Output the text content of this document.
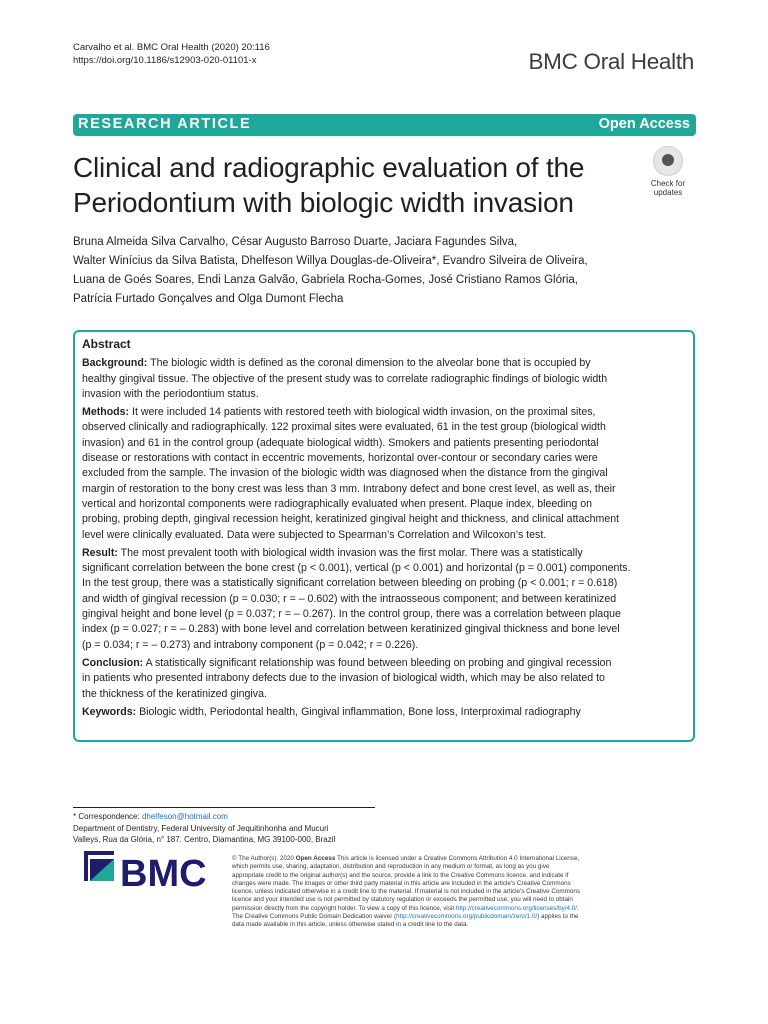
Carvalho et al. BMC Oral Health (2020) 20:116
https://doi.org/10.1186/s12903-020-01101-x	BMC Oral Health
RESEARCH ARTICLE	Open Access
Clinical and radiographic evaluation of the
Periodontium with biologic width invasion
Check for
updates
Bruna Almeida Silva Carvalho, César Augusto Barroso Duarte, Jaciara Fagundes Silva,
Walter Winícius da Silva Batista, Dhelfeson Willya Douglas-de-Oliveira*, Evandro Silveira de Oliveira,
Luana de Goés Soares, Endi Lanza Galvão, Gabriela Rocha-Gomes, José Cristiano Ramos Glória,
Patrícia Furtado Gonçalves and Olga Dumont Flecha
Abstract
Background: The biologic width is defined as the coronal dimension to the alveolar bone that is occupied by
healthy gingival tissue. The objective of the present study was to correlate radiographic findings of biologic width
invasion with the periodontium status.
Methods: It were included 14 patients with restored teeth with biological width invasion, on the proximal sites,
observed clinically and radiographically. 122 proximal sites were evaluated, 61 in the test group (biological width
invasion) and 61 in the control group (adequate biological width). Smokers and patients presenting periodontal
disease or restorations with contact in eccentric movements, horizontal over-contour or secondary caries were
excluded from the sample. The invasion of the biologic width was diagnosed when the distance from the gingival
margin of restoration to the bony crest was less than 3 mm. Intrabony defect and bone crest level, as well as, their
vertical and horizontal components were radiographically evaluated when present. Plaque index, bleeding on
probing, probing depth, gingival recession height, keratinized gingival height and thickness, and clinical attachment
level were clinically evaluated. Data were subjected to Spearman’s Correlation and Wilcoxon’s test.
Result: The most prevalent tooth with biological width invasion was the first molar. There was a statistically
significant correlation between the bone crest (p < 0.001), vertical (p < 0.001) and horizontal (p = 0.001) components.
In the test group, there was a statistically significant correlation between bleeding on probing (p < 0.001; r = 0.618)
and width of gingival recession (p = 0.030; r = – 0.602) with the intraosseous component; and between keratinized
gingival height and bone level (p = 0.037; r = – 0.267). In the control group, there was a correlation between plaque
index (p = 0.027; r = – 0.283) with bone level and correlation between keratinized gingival thickness and bone level
(p = 0.034; r = – 0.273) and intrabony component (p = 0.042; r = 0.226).
Conclusion: A statistically significant relationship was found between bleeding on probing and gingival recession
in patients who presented intrabony defects due to the invasion of biological width, which may be also related to
the thickness of the keratinized gingiva.
Keywords: Biologic width, Periodontal health, Gingival inflammation, Bone loss, Interproximal radiography
* Correspondence: dhelfeson@hotmail.com
Department of Dentistry, Federal University of Jequitinhonha and Mucuri
Valleys, Rua da Glória, n° 187. Centro, Diamantina, MG 39100-000, Brazil
BMC	© The Author(s). 2020 Open Access This article is licensed under a Creative Commons Attribution 4.0 International License,
which permits use, sharing, adaptation, distribution and reproduction in any medium or format, as long as you give
appropriate credit to the original author(s) and the source, provide a link to the Creative Commons licence, and indicate if
changes were made. The images or other third party material in this article are included in the article's Creative Commons
licence, unless indicated otherwise in a credit line to the material. If material is not included in the article's Creative Commons
licence and your intended use is not permitted by statutory regulation or exceeds the permitted use, you will need to obtain
permission directly from the copyright holder. To view a copy of this licence, visit http://creativecommons.org/licenses/by/4.0/.
The Creative Commons Public Domain Dedication waiver (http://creativecommons.org/publicdomain/zero/1.0/) applies to the
data made available in this article, unless otherwise stated in a credit line to the data.
